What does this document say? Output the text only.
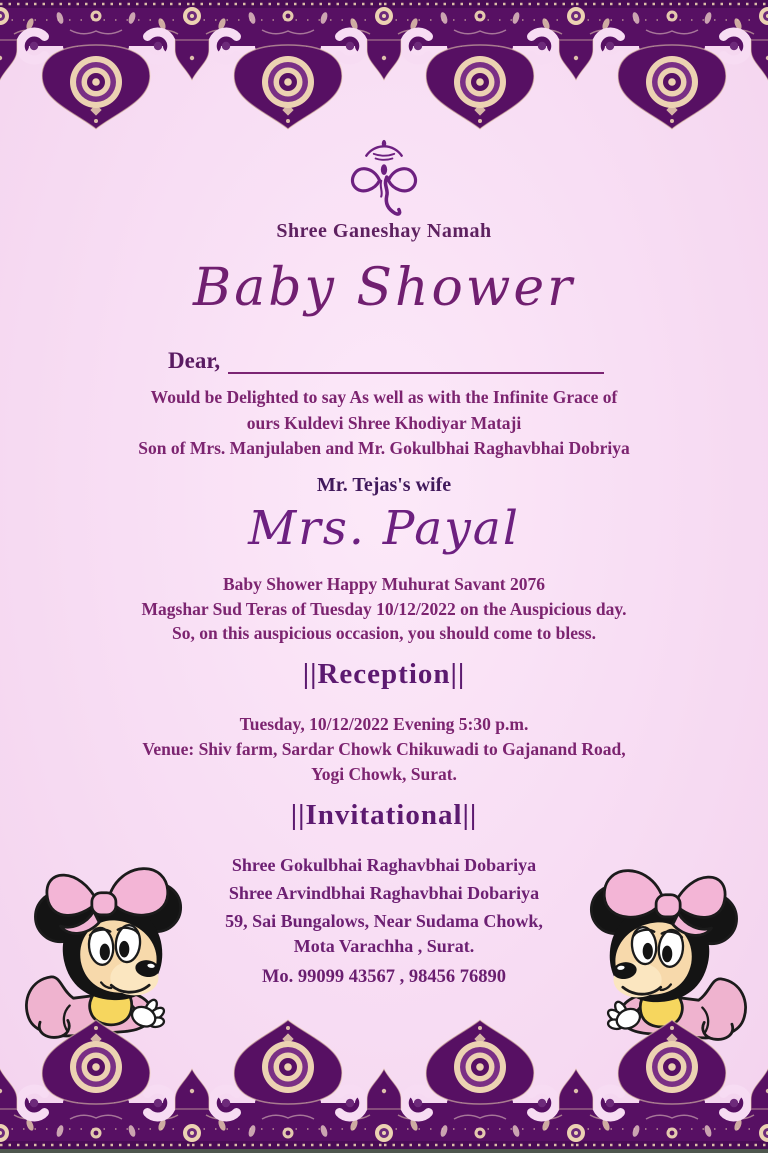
Shree Ganeshay Namah
Baby Shower
Dear,
Would be Delighted to say As well as with the Infinite Grace of
ours Kuldevi Shree Khodiyar Mataji
Son of Mrs. Manjulaben and Mr. Gokulbhai Raghavbhai Dobriya
Mr. Tejas's wife
Mrs. Payal
Baby Shower Happy Muhurat Savant 2076
Magshar Sud Teras of Tuesday 10/12/2022 on the Auspicious day.
So, on this auspicious occasion, you should come to bless.
||Reception||
Tuesday, 10/12/2022 Evening 5:30 p.m.
Venue: Shiv farm, Sardar Chowk Chikuwadi to Gajanand Road,
Yogi Chowk, Surat.
||Invitational||
Shree Gokulbhai Raghavbhai Dobariya
Shree Arvindbhai Raghavbhai Dobariya
59, Sai Bungalows, Near Sudama Chowk,
Mota Varachha , Surat.
Mo. 99099 43567 , 98456 76890
